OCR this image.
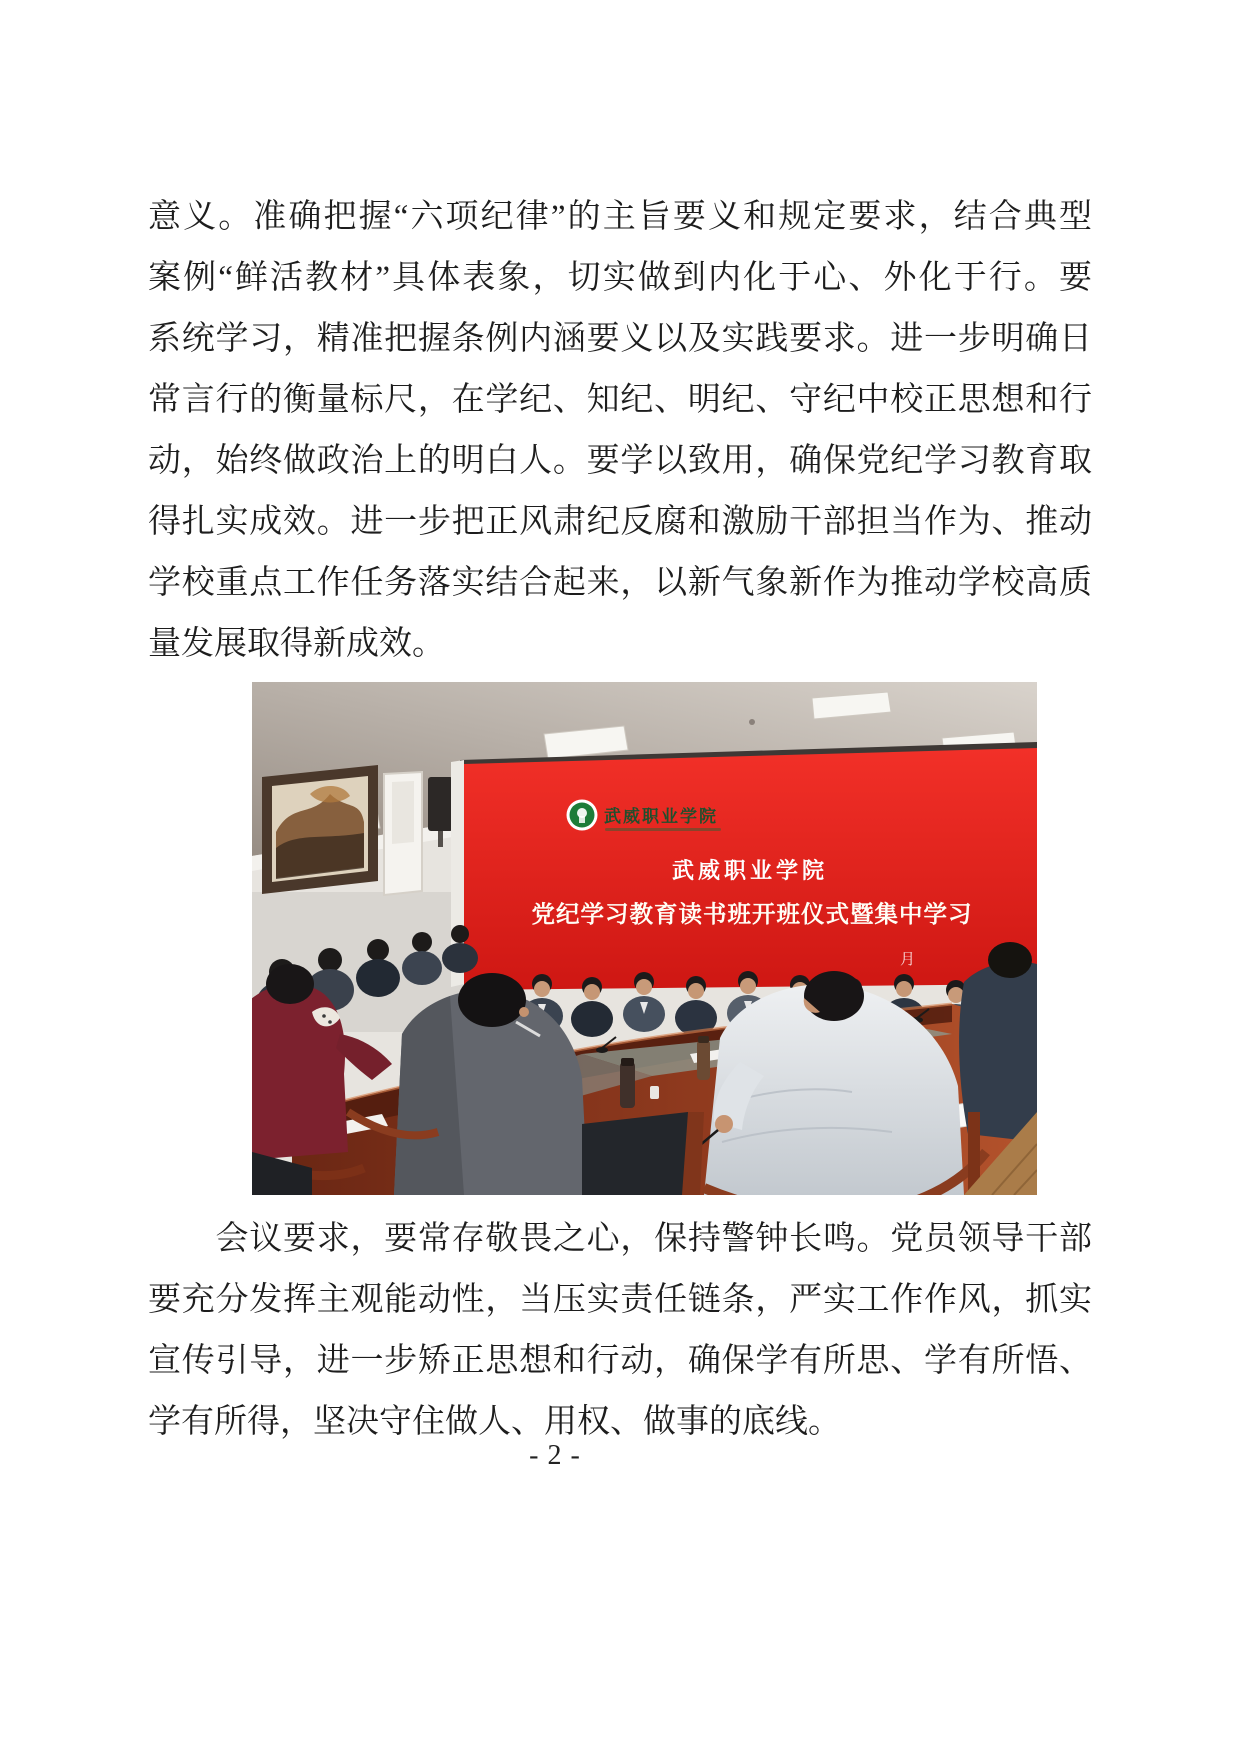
意义。准确把握“六项纪律”的主旨要义和规定要求，结合典型
案例“鲜活教材”具体表象，切实做到内化于心、外化于行。要
系统学习，精准把握条例内涵要义以及实践要求。进一步明确日
常言行的衡量标尺，在学纪、知纪、明纪、守纪中校正思想和行
动，始终做政治上的明白人。要学以致用，确保党纪学习教育取
得扎实成效。进一步把正风肃纪反腐和激励干部担当作为、推动
学校重点工作任务落实结合起来，以新气象新作为推动学校高质
量发展取得新成效。
武威职业学院
武威职业学院
党纪学习教育读书班开班仪式暨集中学习
月
　　会议要求，要常存敬畏之心，保持警钟长鸣。党员领导干部
要充分发挥主观能动性，当压实责任链条，严实工作作风，抓实
宣传引导，进一步矫正思想和行动，确保学有所思、学有所悟、
学有所得，坚决守住做人、用权、做事的底线。
- 2 -
